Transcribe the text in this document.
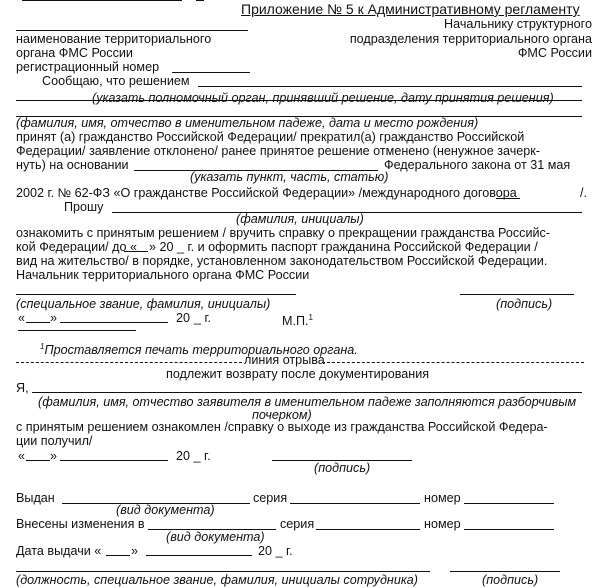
Приложение № 5 к Административному регламенту
Начальнику структурного
наименование территориального	подразделения территориального органа
органа ФМС России	ФМС России
регистрационный номер
Сообщаю, что решением
(указать полномочный орган, принявший решение, дату принятия решения)
(фамилия, имя, отчество в именительном падеже, дата и место рождения)
принят (а) гражданство Российской Федерации/ прекратил(а) гражданство Российской
Федерации/ заявление отклонено/ ранее принятое решение отменено (ненужное зачерк-
нуть) на основании	Федерального закона от 31 мая
(указать пункт, часть, статью)
2002 г. № 62-ФЗ «О гражданстве Российской Федерации» /международного договора	/.
Прошу
(фамилия, инициалы)
ознакомить с принятым решением / вручить справку о прекращении гражданства Российс-
кой Федерации/ до « » 20 _ г. и оформить паспорт гражданина Российской Федерации /
вид на жительство/ в порядке, установленном законодательством Российской Федерации.
Начальник территориального органа ФМС России
(специальное звание, фамилия, инициалы)	(подпись)
« »	20 _ г.	М.П.$^1$
$^1$Проставляется печать территориального органа.
линия отрыва
подлежит возврату после документирования
Я,
(фамилия, имя, отчество заявителя в именительном падеже заполняются разборчивым
почерком)
с принятым решением ознакомлен /справку о выходе из гражданства Российской Федера-
ции получил/
« »	20 _ г.
(подпись)
Выдан	серия	номер
(вид документа)
Внесены изменения в	серия	номер
(вид документа)
Дата выдачи « »	20 _ г.
(должность, специальное звание, фамилия, инициалы сотрудника)	(подпись)
